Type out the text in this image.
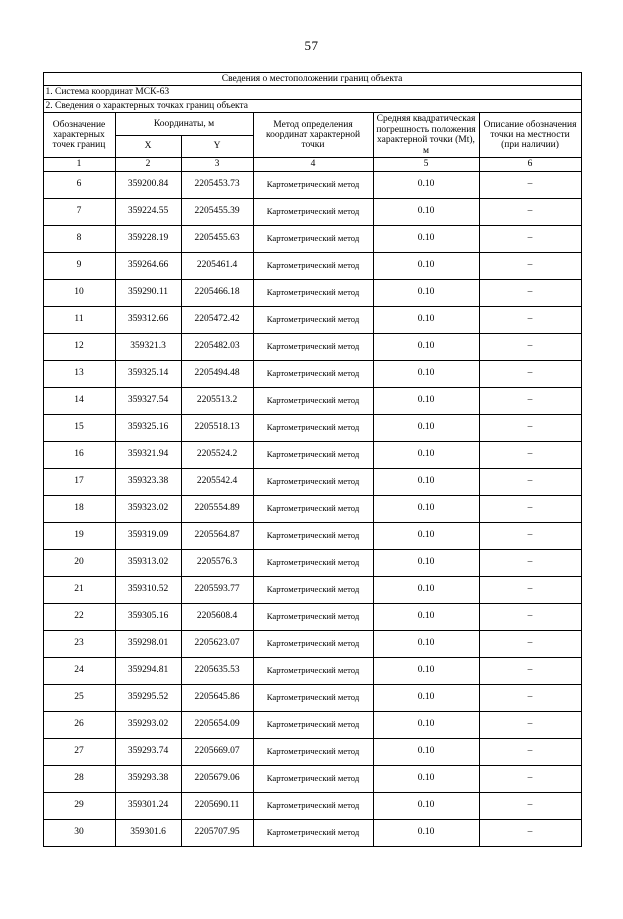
57
Сведения о местоположении границ объекта					
1. Система координат МСК-63					
2. Сведения о характерных точках границ объекта					
Обозначение характерных точек границ	Координаты, м		Метод определения координат характерной точки	Средняя квадратическая погрешность положения характерной точки (Mt), м	Описание обозначения точки на местности (при наличии)
	X	Y			
1	2	3	4	5	6
6	359200.84	2205453.73	Картометрический метод	0.10	–
7	359224.55	2205455.39	Картометрический метод	0.10	–
8	359228.19	2205455.63	Картометрический метод	0.10	–
9	359264.66	2205461.4	Картометрический метод	0.10	–
10	359290.11	2205466.18	Картометрический метод	0.10	–
11	359312.66	2205472.42	Картометрический метод	0.10	–
12	359321.3	2205482.03	Картометрический метод	0.10	–
13	359325.14	2205494.48	Картометрический метод	0.10	–
14	359327.54	2205513.2	Картометрический метод	0.10	–
15	359325.16	2205518.13	Картометрический метод	0.10	–
16	359321.94	2205524.2	Картометрический метод	0.10	–
17	359323.38	2205542.4	Картометрический метод	0.10	–
18	359323.02	2205554.89	Картометрический метод	0.10	–
19	359319.09	2205564.87	Картометрический метод	0.10	–
20	359313.02	2205576.3	Картометрический метод	0.10	–
21	359310.52	2205593.77	Картометрический метод	0.10	–
22	359305.16	2205608.4	Картометрический метод	0.10	–
23	359298.01	2205623.07	Картометрический метод	0.10	–
24	359294.81	2205635.53	Картометрический метод	0.10	–
25	359295.52	2205645.86	Картометрический метод	0.10	–
26	359293.02	2205654.09	Картометрический метод	0.10	–
27	359293.74	2205669.07	Картометрический метод	0.10	–
28	359293.38	2205679.06	Картометрический метод	0.10	–
29	359301.24	2205690.11	Картометрический метод	0.10	–
30	359301.6	2205707.95	Картометрический метод	0.10	–
